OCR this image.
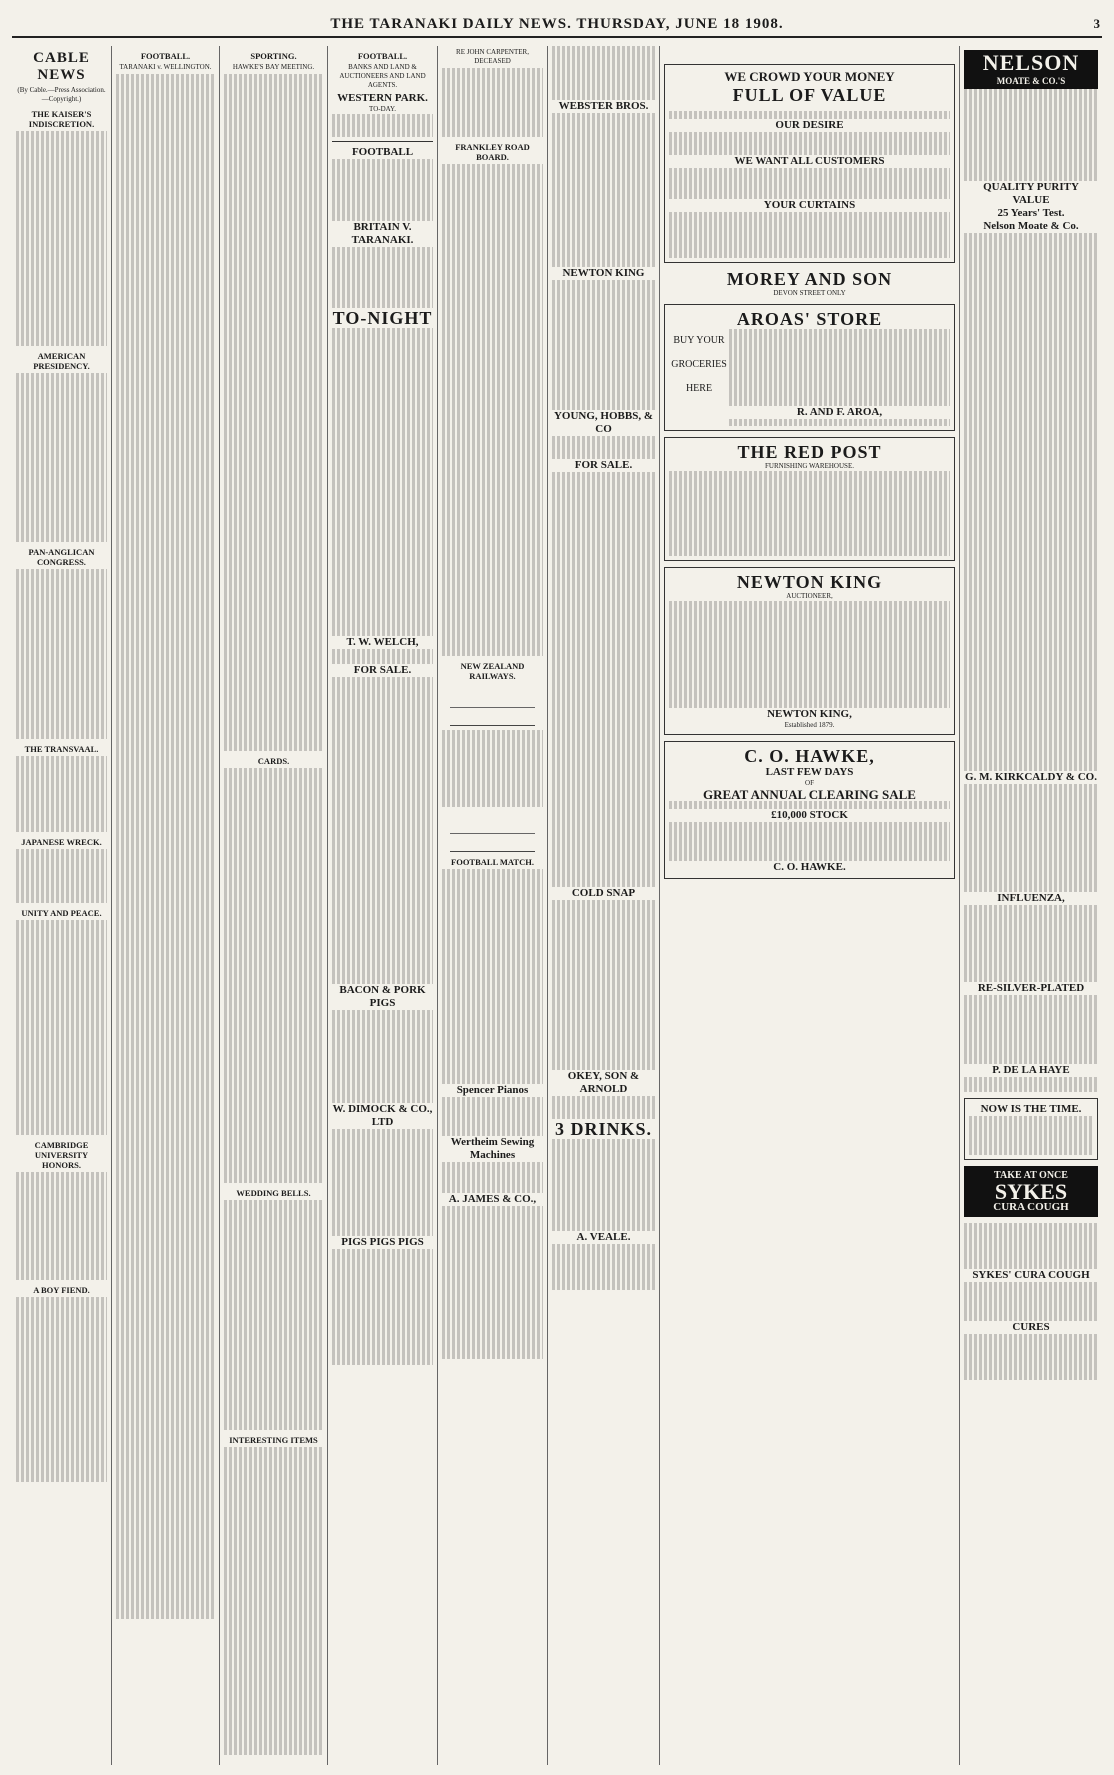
THE TARANAKI DAILY NEWS. THURSDAY, JUNE 18 1908.	3
CABLE NEWS
(By Cable.—Press Association.—Copyright.)
THE KAISER'S INDISCRETION.
AMERICAN PRESIDENCY.
PAN-ANGLICAN CONGRESS.
THE TRANSVAAL.
JAPANESE WRECK.
UNITY AND PEACE.
CAMBRIDGE UNIVERSITY HONORS.
A BOY FIEND.
FOOTBALL.
TARANAKI v. WELLINGTON.
SPORTING.
HAWKE'S BAY MEETING.
CARDS.
WEDDING BELLS.
INTERESTING ITEMS
FOOTBALL.
BANKS AND LAND & AUCTIONEERS AND LAND AGENTS.
WESTERN PARK.
TO-DAY.
FOOTBALL
BRITAIN V. TARANAKI.
TO-NIGHT
T. W. WELCH,
FOR SALE.
BACON & PORK PIGS
W. DIMOCK & CO., LTD
PIGS PIGS PIGS
RE JOHN CARPENTER, DECEASED
FRANKLEY ROAD BOARD.
NEW ZEALAND RAILWAYS.
FOOTBALL MATCH.
Spencer Pianos
Wertheim Sewing Machines
A. JAMES & CO.,
WEBSTER BROS.
NEWTON KING
YOUNG, HOBBS, & CO
FOR SALE.
COLD SNAP
OKEY, SON & ARNOLD
3 DRINKS.
A. VEALE.
WE CROWD YOUR MONEY
FULL OF VALUE
OUR DESIRE
WE WANT ALL CUSTOMERS
YOUR CURTAINS
MOREY AND SON
DEVON STREET ONLY
AROAS' STORE
BUY YOUR GROCERIES HERE
R. AND F. AROA,
THE RED POST
FURNISHING WAREHOUSE.
NEWTON KING
AUCTIONEER,
NEWTON KING,
Established 1879.
C. O. HAWKE,
LAST FEW DAYS
OF
GREAT ANNUAL CLEARING SALE
£10,000 STOCK
C. O. HAWKE.
NELSON
MOATE & CO.'S
QUALITY PURITY VALUE
25 Years' Test.
Nelson Moate & Co.
G. M. KIRKCALDY & CO.
INFLUENZA,
RE-SILVER-PLATED
P. DE LA HAYE
NOW IS THE TIME.
TAKE AT ONCE
SYKES
CURA COUGH
SYKES' CURA COUGH
CURES
